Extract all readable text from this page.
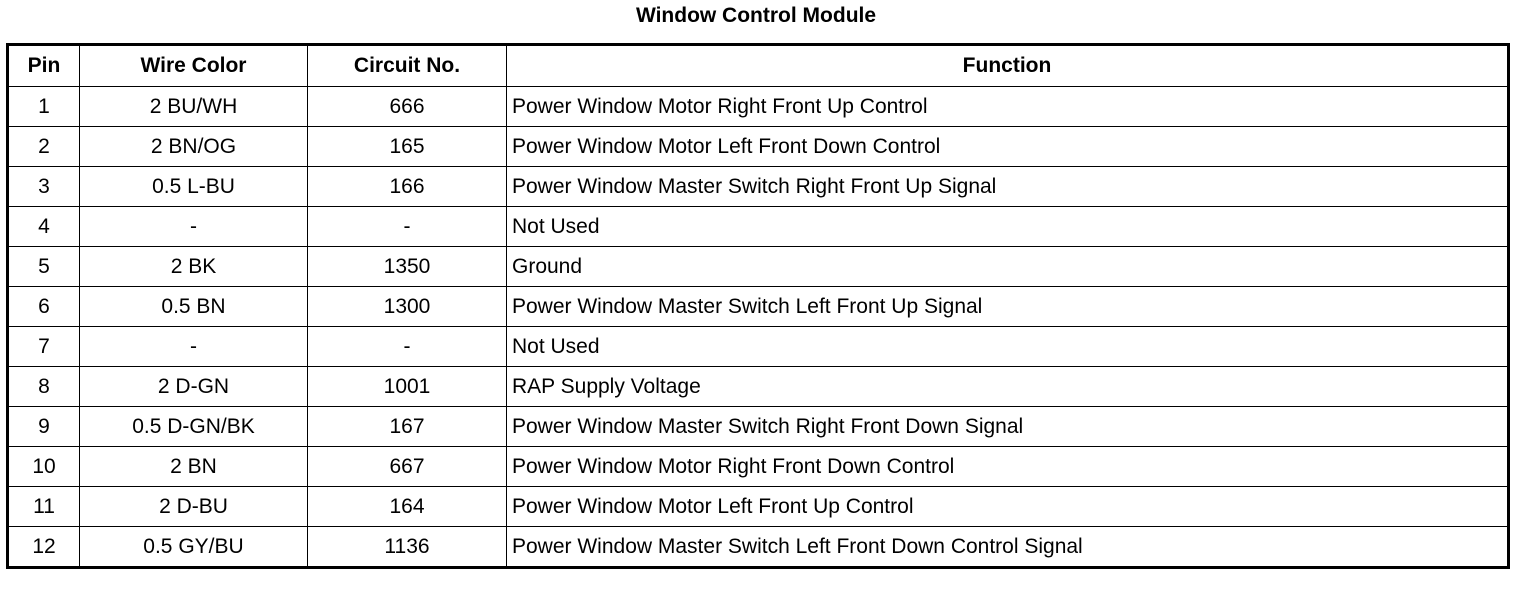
Window Control Module
Pin	Wire Color	Circuit No.	Function
1	2 BU/WH	666	Power Window Motor Right Front Up Control
2	2 BN/OG	165	Power Window Motor Left Front Down Control
3	0.5 L-BU	166	Power Window Master Switch Right Front Up Signal
4	-	-	Not Used
5	2 BK	1350	Ground
6	0.5 BN	1300	Power Window Master Switch Left Front Up Signal
7	-	-	Not Used
8	2 D-GN	1001	RAP Supply Voltage
9	0.5 D-GN/BK	167	Power Window Master Switch Right Front Down Signal
10	2 BN	667	Power Window Motor Right Front Down Control
11	2 D-BU	164	Power Window Motor Left Front Up Control
12	0.5 GY/BU	1136	Power Window Master Switch Left Front Down Control Signal
